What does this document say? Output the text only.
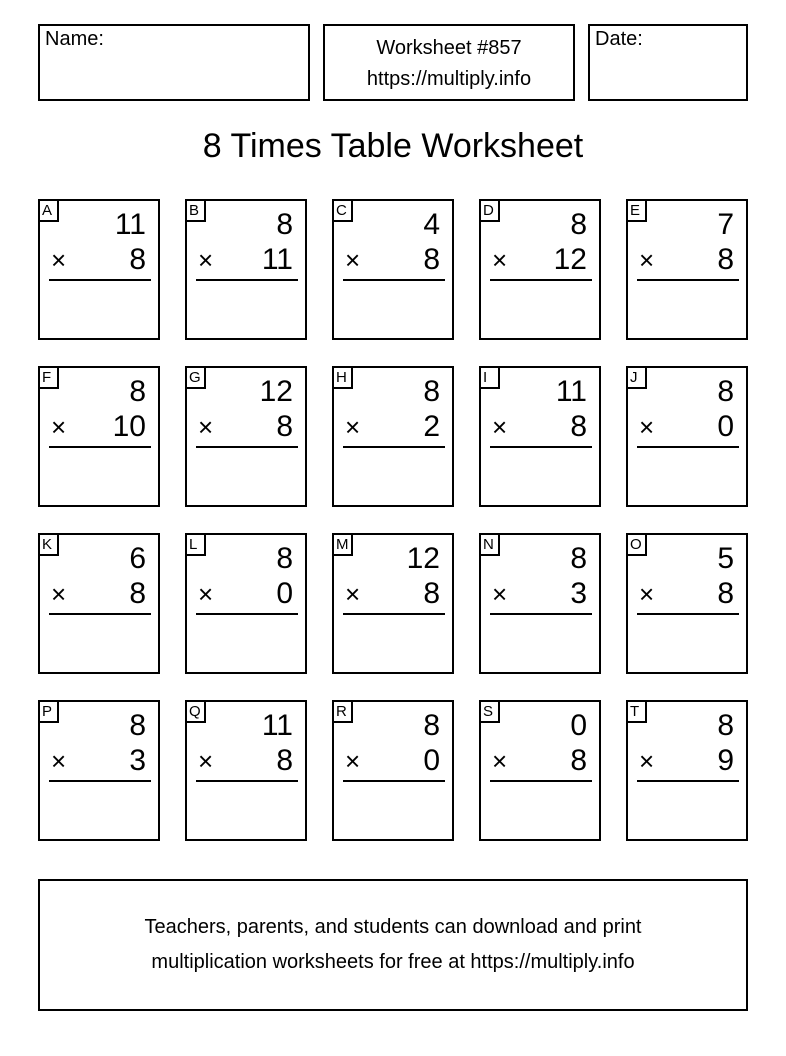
Name:	Worksheet #857
https://multiply.info
Date:
8 Times Table Worksheet
A 11
× 8
B	8
× 11
C	4
× 8
D	8
× 12
E	7
× 8
F	8
× 10
G 12
× 8
H	8
× 2
I	11
× 8
J	8
× 0
K	6
× 8
L	8
× 0
M 12
× 8
N	8
× 3
O	5
× 8
P	8
× 3
Q 11
× 8
R	8
× 0
S	0
× 8
T	8
× 9
Teachers, parents, and students can download and print
multiplication worksheets for free at https://multiply.info
